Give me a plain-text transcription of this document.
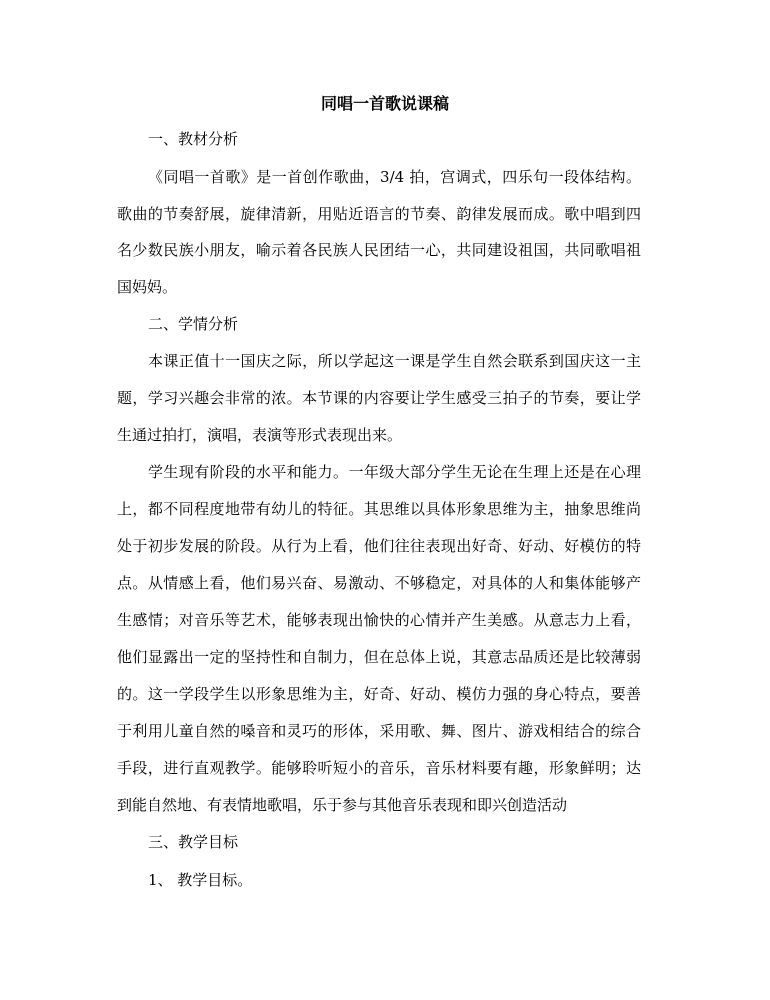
同唱一首歌说课稿
一、教材分析
《同唱一首歌》是一首创作歌曲，3/4 拍，宫调式，四乐句一段体结构。
歌曲的节奏舒展，旋律清新，用贴近语言的节奏、韵律发展而成。歌中唱到四
名少数民族小朋友，喻示着各民族人民团结一心，共同建设祖国，共同歌唱祖
国妈妈。
二、学情分析
本课正值十一国庆之际，所以学起这一课是学生自然会联系到国庆这一主
题，学习兴趣会非常的浓。本节课的内容要让学生感受三拍子的节奏，要让学
生通过拍打，演唱，表演等形式表现出来。
学生现有阶段的水平和能力。一年级大部分学生无论在生理上还是在心理
上，都不同程度地带有幼儿的特征。其思维以具体形象思维为主，抽象思维尚
处于初步发展的阶段。从行为上看，他们往往表现出好奇、好动、好模仿的特
点。从情感上看，他们易兴奋、易激动、不够稳定，对具体的人和集体能够产
生感情；对音乐等艺术，能够表现出愉快的心情并产生美感。从意志力上看，
他们显露出一定的坚持性和自制力，但在总体上说，其意志品质还是比较薄弱
的。这一学段学生以形象思维为主，好奇、好动、模仿力强的身心特点，要善
于利用儿童自然的嗓音和灵巧的形体，采用歌、舞、图片、游戏相结合的综合
手段，进行直观教学。能够聆听短小的音乐，音乐材料要有趣，形象鲜明；达
到能自然地、有表情地歌唱，乐于参与其他音乐表现和即兴创造活动
三、教学目标
1、 教学目标。
